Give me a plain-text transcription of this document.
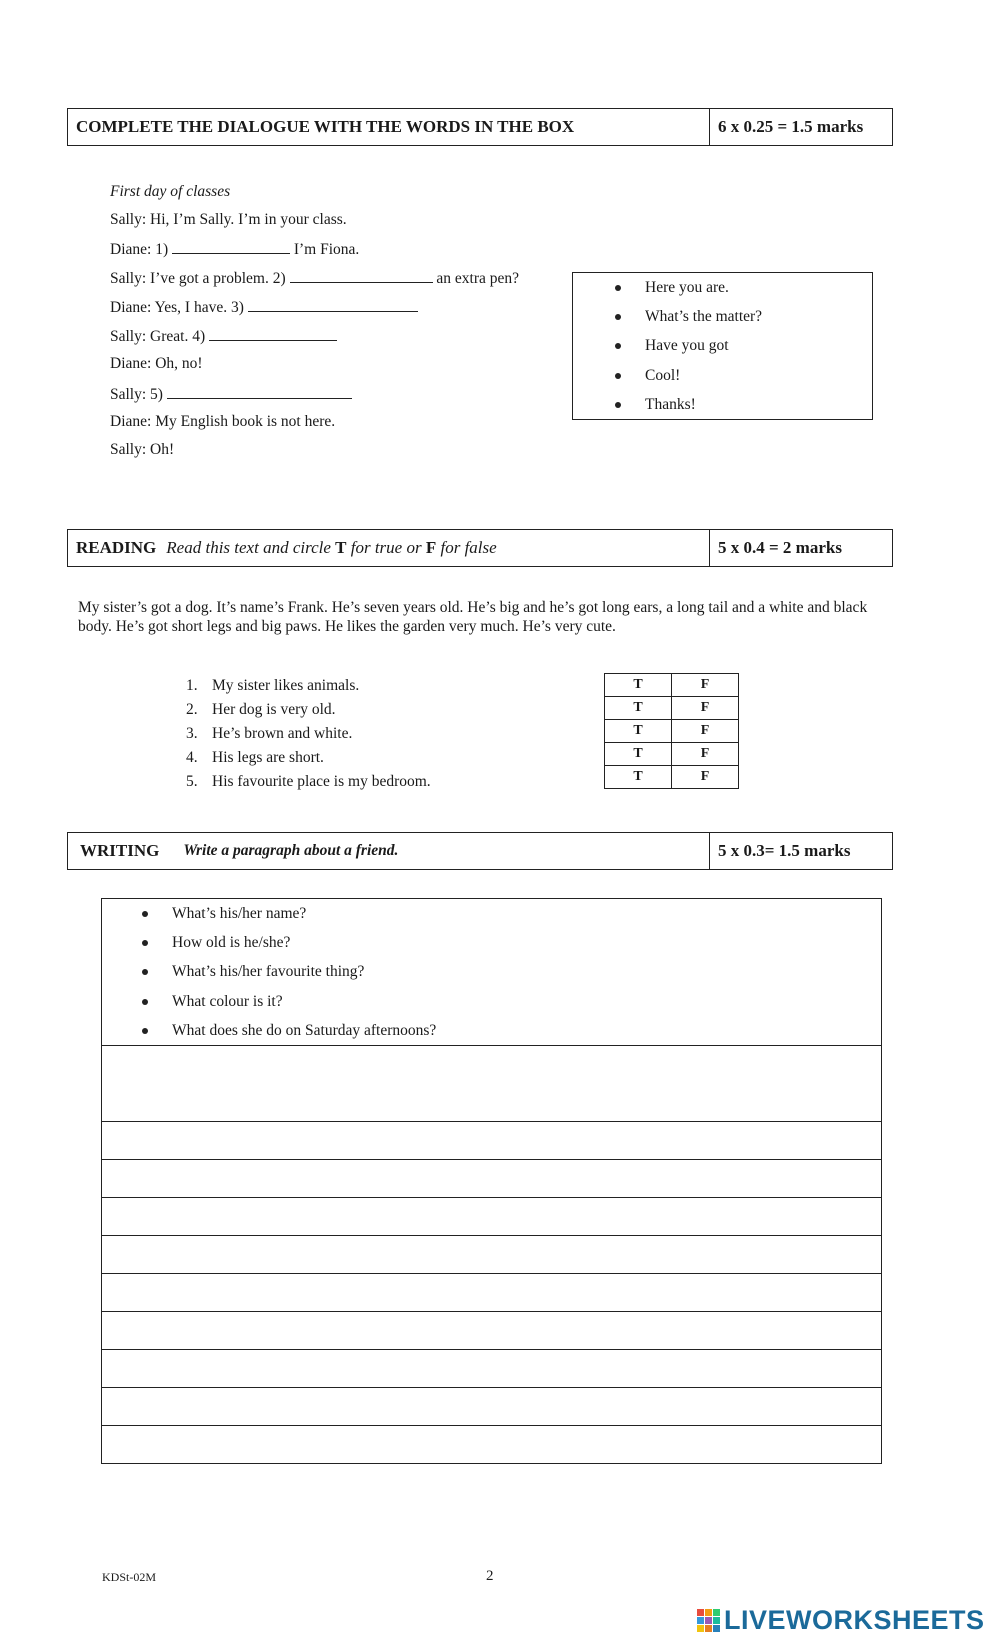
COMPLETE THE DIALOGUE WITH THE WORDS IN THE BOX	6 x 0.25 = 1.5 marks
First day of classes
Sally: Hi, I’m Sally. I’m in your class.
Diane: 1)	I’m Fiona.
Sally: I’ve got a problem. 2)	an extra pen?
Diane: Yes, I have. 3)
Sally: Great. 4)
Diane: Oh, no!
Sally: 5)
Diane: My English book is not here.
Sally: Oh!
Here you are.
What’s the matter?
Have you got
Cool!
Thanks!
READING Read this text and circle
T
for true or
F
for false	5 x 0.4 = 2 marks
My sister’s got a dog. It’s name’s Frank. He’s seven years old. He’s big and he’s got long ears, a long tail and a white and black body. He’s got short legs and big paws. He likes the garden very much. He’s very cute.
1. My sister likes animals.
2. Her dog is very old.
3. He’s brown and white.
4. His legs are short.
5. His favourite place is my bedroom.
T	F
T	F
T	F
T	F
T	F
WRITING Write a paragraph about a friend.	5 x 0.3= 1.5 marks
What’s his/her name?
How old is he/she?
What’s his/her favourite thing?
What colour is it?
What does she do on Saturday afternoons?
KDSt-02M	2
LIVEWORKSHEETS
